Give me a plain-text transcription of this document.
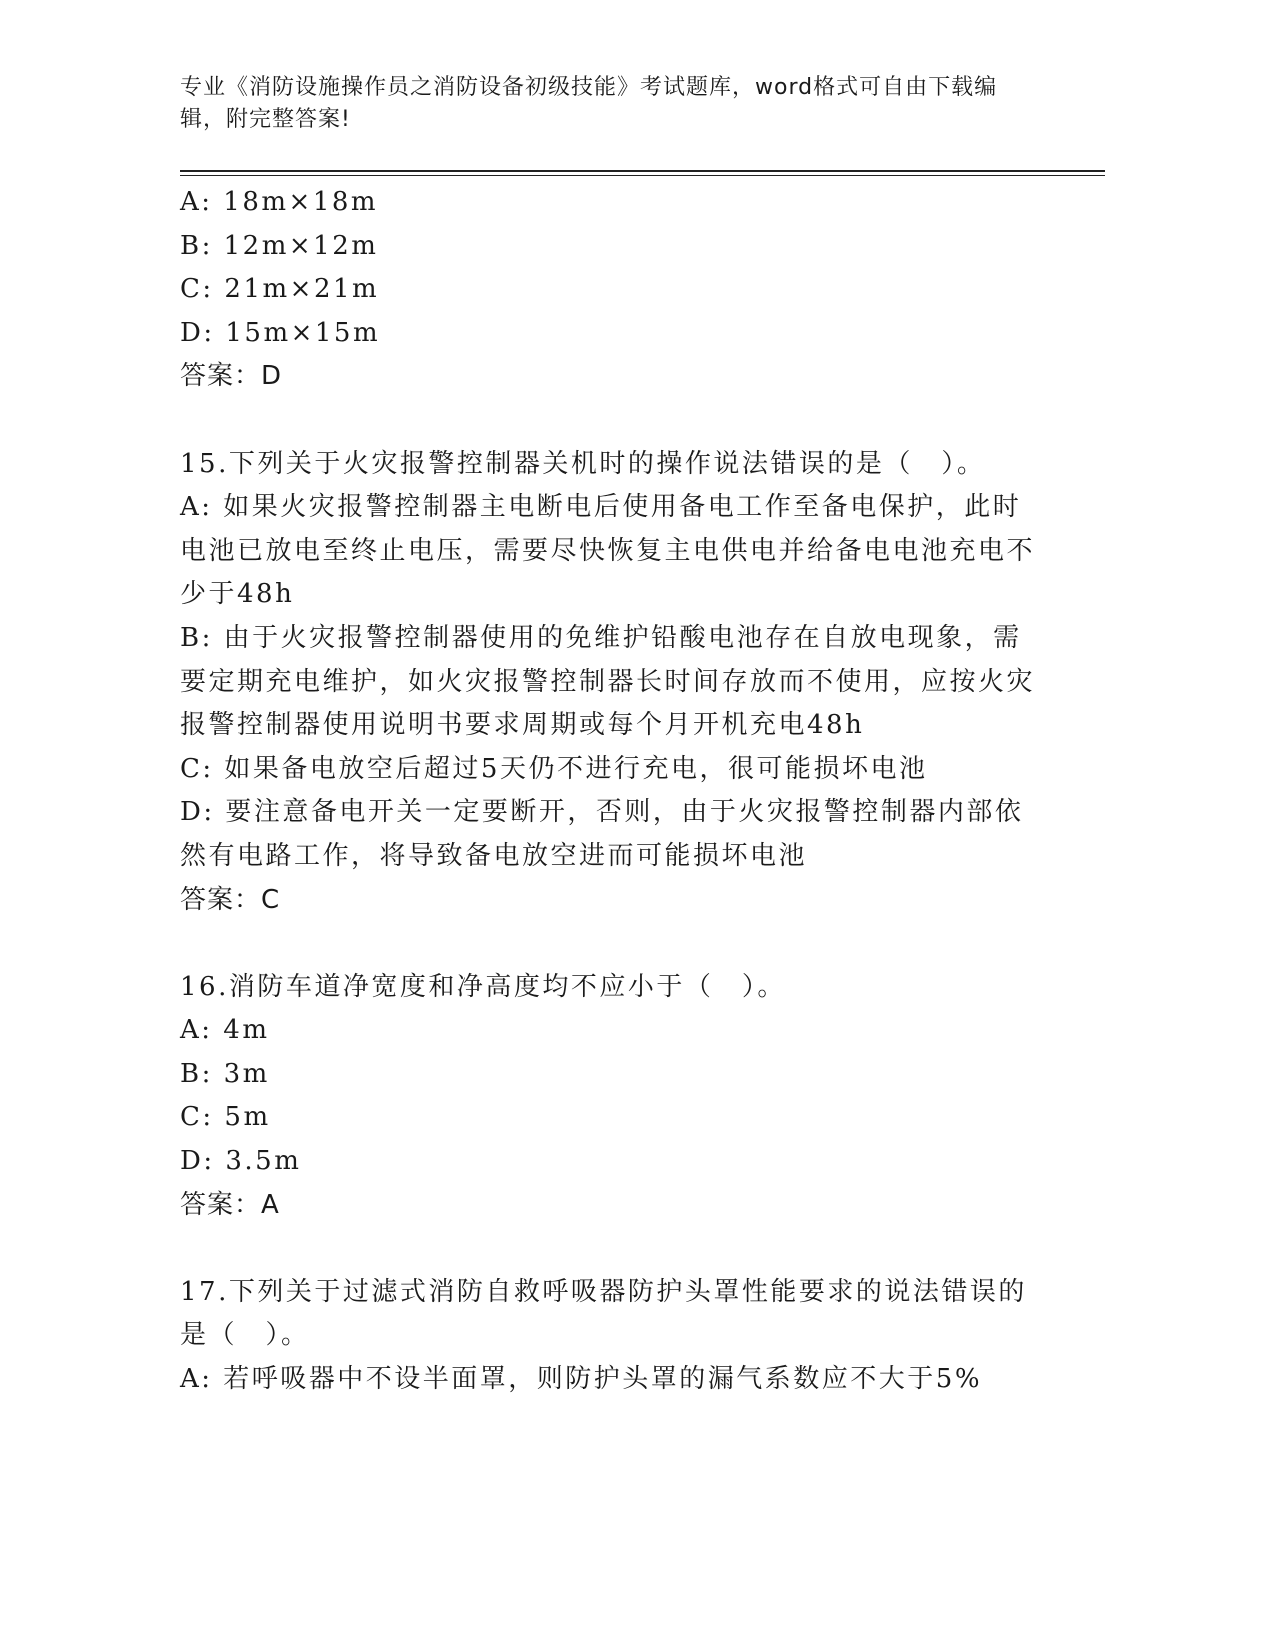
专业《消防设施操作员之消防设备初级技能》考试题库，word格式可自由下载编辑，附完整答案!
A: 18m×18m
B: 12m×12m
C: 21m×21m
D: 15m×15m
答案：D
15.下列关于火灾报警控制器关机时的操作说法错误的是（　）。
A: 如果火灾报警控制器主电断电后使用备电工作至备电保护，此时电池已放电至终止电压，需要尽快恢复主电供电并给备电电池充电不少于48h
B: 由于火灾报警控制器使用的免维护铅酸电池存在自放电现象，需要定期充电维护，如火灾报警控制器长时间存放而不使用，应按火灾报警控制器使用说明书要求周期或每个月开机充电48h
C: 如果备电放空后超过5天仍不进行充电，很可能损坏电池
D: 要注意备电开关一定要断开，否则，由于火灾报警控制器内部依然有电路工作，将导致备电放空进而可能损坏电池
答案：C
16.消防车道净宽度和净高度均不应小于（　）。
A: 4m
B: 3m
C: 5m
D: 3.5m
答案：A
17.下列关于过滤式消防自救呼吸器防护头罩性能要求的说法错误的是（　）。
A: 若呼吸器中不设半面罩，则防护头罩的漏气系数应不大于5%
